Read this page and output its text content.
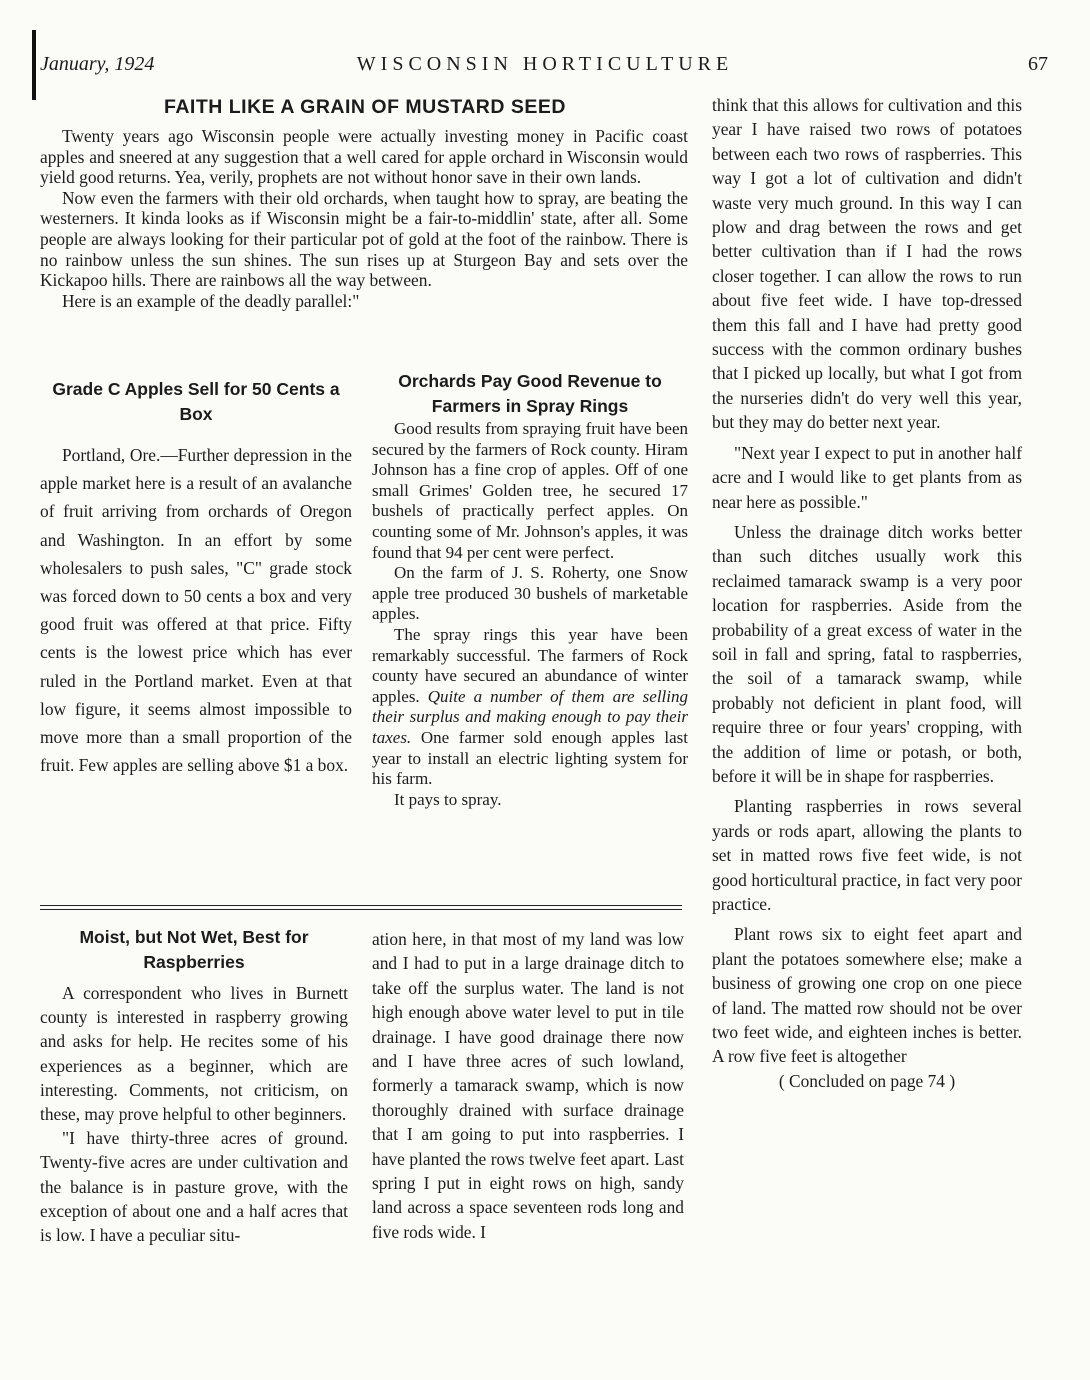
January, 1924	WISCONSIN HORTICULTURE	67
FAITH LIKE A GRAIN OF MUSTARD SEED

Twenty years ago Wisconsin people were actually investing money in Pacific coast apples and sneered at any suggestion that a well cared for apple orchard in Wisconsin would yield good returns. Yea, verily, prophets are not without honor save in their own lands.

Now even the farmers with their old orchards, when taught how to spray, are beating the westerners. It kinda looks as if Wisconsin might be a fair-to-middlin' state, after all. Some people are always looking for their particular pot of gold at the foot of the rainbow. There is no rainbow unless the sun shines. The sun rises up at Sturgeon Bay and sets over the Kickapoo hills. There are rainbows all the way between.

Here is an example of the deadly parallel:"

Grade C Apples Sell for 50 Cents a Box

Portland, Ore.—Further depression in the apple market here is a result of an avalanche of fruit arriving from orchards of Oregon and Washington. In an effort by some wholesalers to push sales, "C" grade stock was forced down to 50 cents a box and very good fruit was offered at that price. Fifty cents is the lowest price which has ever ruled in the Portland market. Even at that low figure, it seems almost impossible to move more than a small proportion of the fruit. Few apples are selling above $1 a box.

Orchards Pay Good Revenue to Farmers in Spray Rings

Good results from spraying fruit have been secured by the farmers of Rock county. Hiram Johnson has a fine crop of apples. Off of one small Grimes' Golden tree, he secured 17 bushels of practically perfect apples. On counting some of Mr. Johnson's apples, it was found that 94 per cent were perfect.

On the farm of J. S. Roherty, one Snow apple tree produced 30 bushels of marketable apples.

The spray rings this year have been remarkably successful. The farmers of Rock county have secured an abundance of winter apples. Quite a number of them are selling their surplus and making enough to pay their taxes. One farmer sold enough apples last year to install an electric lighting system for his farm.

It pays to spray.

Moist, but Not Wet, Best for Raspberries

A correspondent who lives in Burnett county is interested in raspberry growing and asks for help. He recites some of his experiences as a beginner, which are interesting. Comments, not criticism, on these, may prove helpful to other beginners.

"I have thirty-three acres of ground. Twenty-five acres are under cultivation and the balance is in pasture grove, with the exception of about one and a half acres that is low. I have a peculiar situ-

ation here, in that most of my land was low and I had to put in a large drainage ditch to take off the surplus water. The land is not high enough above water level to put in tile drainage. I have good drainage there now and I have three acres of such lowland, formerly a tamarack swamp, which is now thoroughly drained with surface drainage that I am going to put into raspberries. I have planted the rows twelve feet apart. Last spring I put in eight rows on high, sandy land across a space seventeen rods long and five rods wide. I

think that this allows for cultivation and this year I have raised two rows of potatoes between each two rows of raspberries. This way I got a lot of cultivation and didn't waste very much ground. In this way I can plow and drag between the rows and get better cultivation than if I had the rows closer together. I can allow the rows to run about five feet wide. I have top-dressed them this fall and I have had pretty good success with the common ordinary bushes that I picked up locally, but what I got from the nurseries didn't do very well this year, but they may do better next year.

"Next year I expect to put in another half acre and I would like to get plants from as near here as possible."

Unless the drainage ditch works better than such ditches usually work this reclaimed tamarack swamp is a very poor location for raspberries. Aside from the probability of a great excess of water in the soil in fall and spring, fatal to raspberries, the soil of a tamarack swamp, while probably not deficient in plant food, will require three or four years' cropping, with the addition of lime or potash, or both, before it will be in shape for raspberries.

Planting raspberries in rows several yards or rods apart, allowing the plants to set in matted rows five feet wide, is not good horticultural practice, in fact very poor practice.

Plant rows six to eight feet apart and plant the potatoes somewhere else; make a business of growing one crop on one piece of land. The matted row should not be over two feet wide, and eighteen inches is better. A row five feet is altogether

( Concluded on page 74 )
